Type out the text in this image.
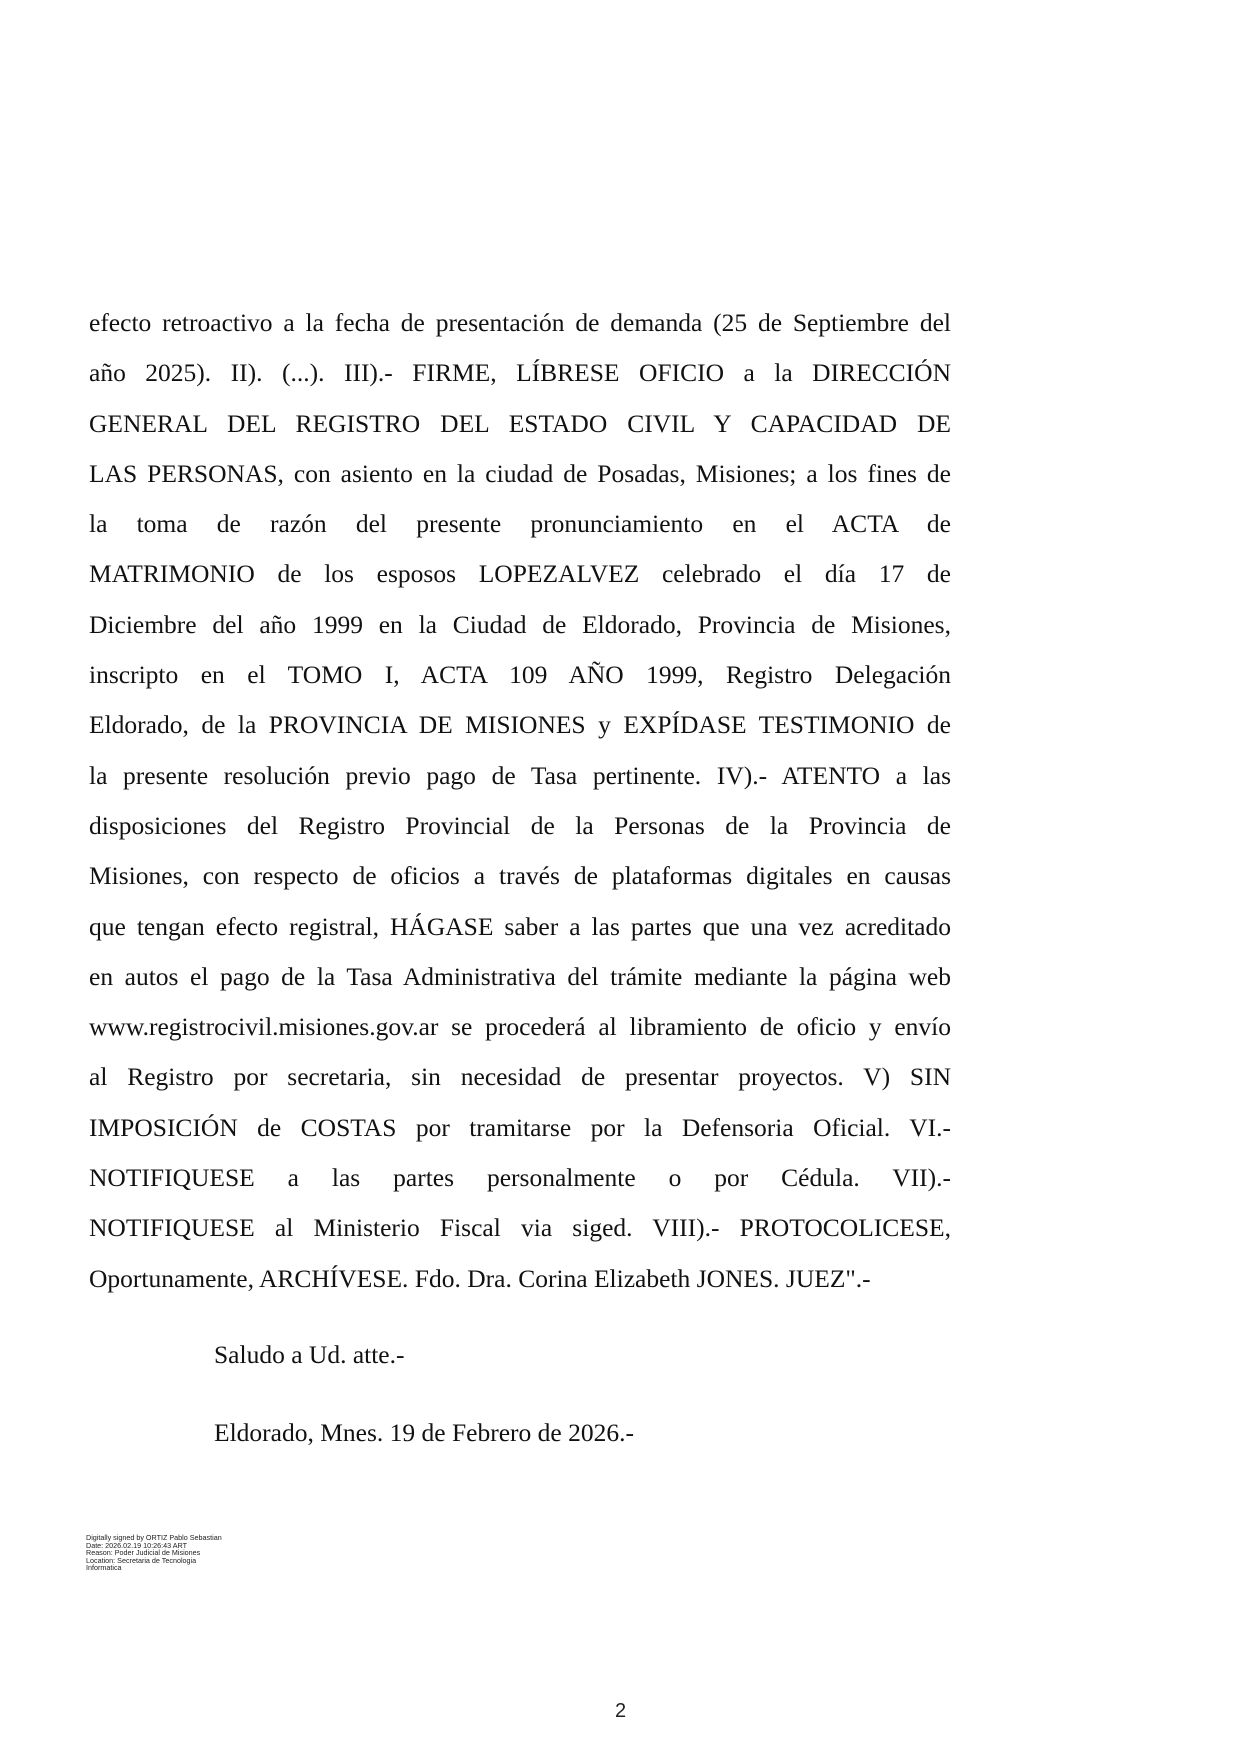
efecto retroactivo a la fecha de presentación de demanda (25 de Septiembre del
año 2025). II). (...). III).- FIRME, LÍBRESE OFICIO a la DIRECCIÓN
GENERAL DEL REGISTRO DEL ESTADO CIVIL Y CAPACIDAD DE
LAS PERSONAS, con asiento en la ciudad de Posadas, Misiones; a los fines de
la toma de razón del presente pronunciamiento en el ACTA de
MATRIMONIO de los esposos LOPEZALVEZ celebrado el día 17 de
Diciembre del año 1999 en la Ciudad de Eldorado, Provincia de Misiones,
inscripto en el TOMO I, ACTA 109 AÑO 1999, Registro Delegación
Eldorado, de la PROVINCIA DE MISIONES y EXPÍDASE TESTIMONIO de
la presente resolución previo pago de Tasa pertinente. IV).- ATENTO a las
disposiciones del Registro Provincial de la Personas de la Provincia de
Misiones, con respecto de oficios a través de plataformas digitales en causas
que tengan efecto registral, HÁGASE saber a las partes que una vez acreditado
en autos el pago de la Tasa Administrativa del trámite mediante la página web
www.registrocivil.misiones.gov.ar se procederá al libramiento de oficio y envío
al Registro por secretaria, sin necesidad de presentar proyectos. V) SIN
IMPOSICIÓN de COSTAS por tramitarse por la Defensoria Oficial. VI.-
NOTIFIQUESE a las partes personalmente o por Cédula. VII).-
NOTIFIQUESE al Ministerio Fiscal via siged. VIII).- PROTOCOLICESE,
Oportunamente, ARCHÍVESE. Fdo. Dra. Corina Elizabeth JONES. JUEZ".-

Saludo a Ud. atte.-

Eldorado, Mnes. 19 de Febrero de 2026.-

Digitally signed by ORTIZ Pablo Sebastian
Date: 2026.02.19 10:26:43 ART
Reason: Poder Judicial de Misiones
Location: Secretaria de Tecnologia
Informatica
2
